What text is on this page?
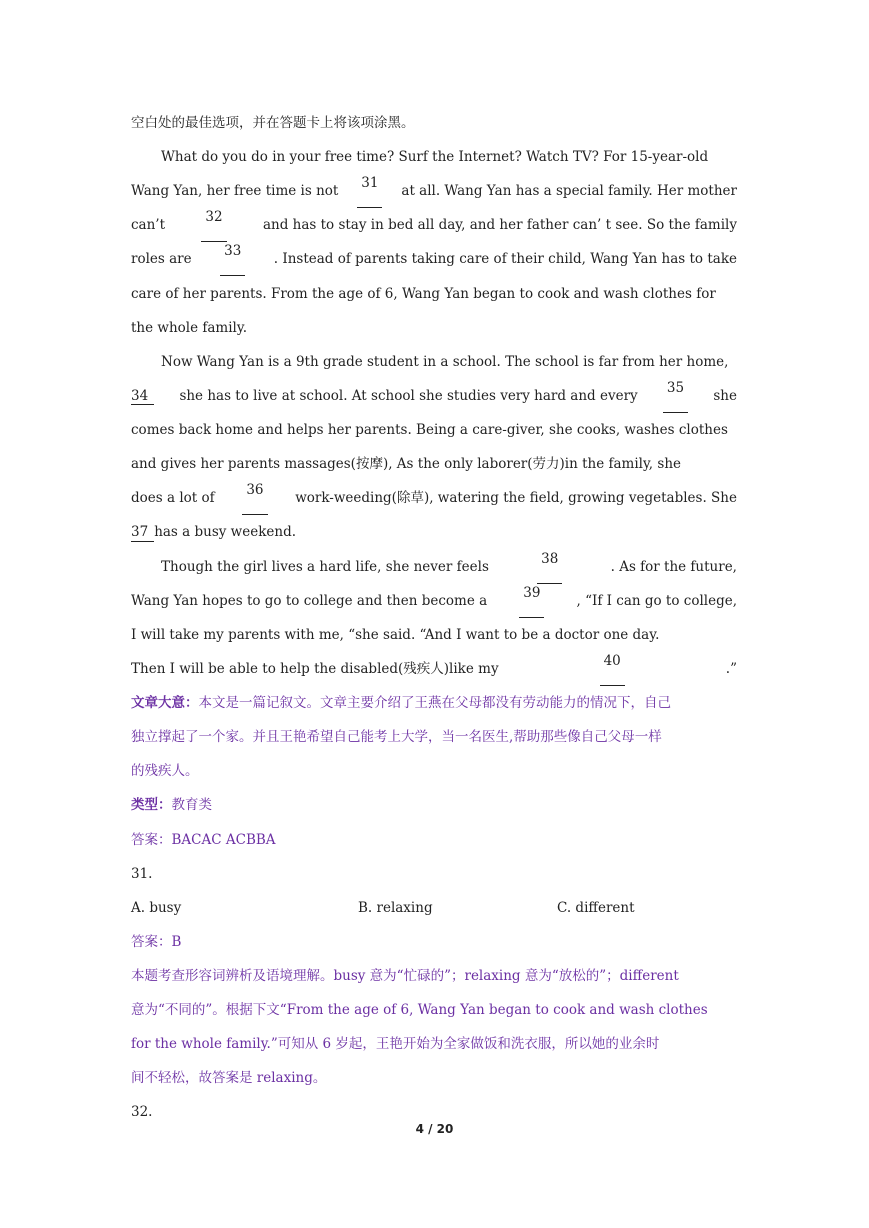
空白处的最佳选项，并在答题卡上将该项涂黑。
What do you do in your free time? Surf the Internet? Watch TV? For 15-year-old
Wang Yan, her free time is not 31 at all. Wang Yan has a special family. Her mother
can’t	32	and has to stay in bed all day, and her father can’ t see. So the family
roles are 33 . Instead of parents taking care of their child, Wang Yan has to take
care of her parents. From the age of 6, Wang Yan began to cook and wash clothes for
the whole family.
Now Wang Yan is a 9th grade student in a school. The school is far from her home,
34	she has to live at school. At school she studies very hard and every 35 she
comes back home and helps her parents. Being a care-giver, she cooks, washes clothes
and gives her parents massages(按摩), As the only laborer(劳力)in the family, she
does a lot of 36 work-weeding(除草), watering the field, growing vegetables. She
37 has a busy weekend.
Though the girl lives a hard life, she never feels	38	. As for the future,
Wang Yan hopes to go to college and then become a	39	, “If I can go to college,
I will take my parents with me, “she said. “And I want to be a doctor one day.
Then I will be able to help the disabled(残疾人)like my	40	.”
文章大意：本文是一篇记叙文。文章主要介绍了王燕在父母都没有劳动能力的情况下，自己
独立撑起了一个家。并且王艳希望自己能考上大学，当一名医生,帮助那些像自己父母一样
的残疾人。
类型：教育类
答案：BACAC ACBBA
31.
A. busy	B. relaxing	C. different
答案：B
本题考查形容词辨析及语境理解。busy 意为“忙碌的”；relaxing 意为“放松的”；different
意为“不同的”。根据下文“From the age of 6, Wang Yan began to cook and wash clothes
for the whole family.”可知从 6 岁起，王艳开始为全家做饭和洗衣服，所以她的业余时
间不轻松，故答案是 relaxing。
32.
4 / 20
